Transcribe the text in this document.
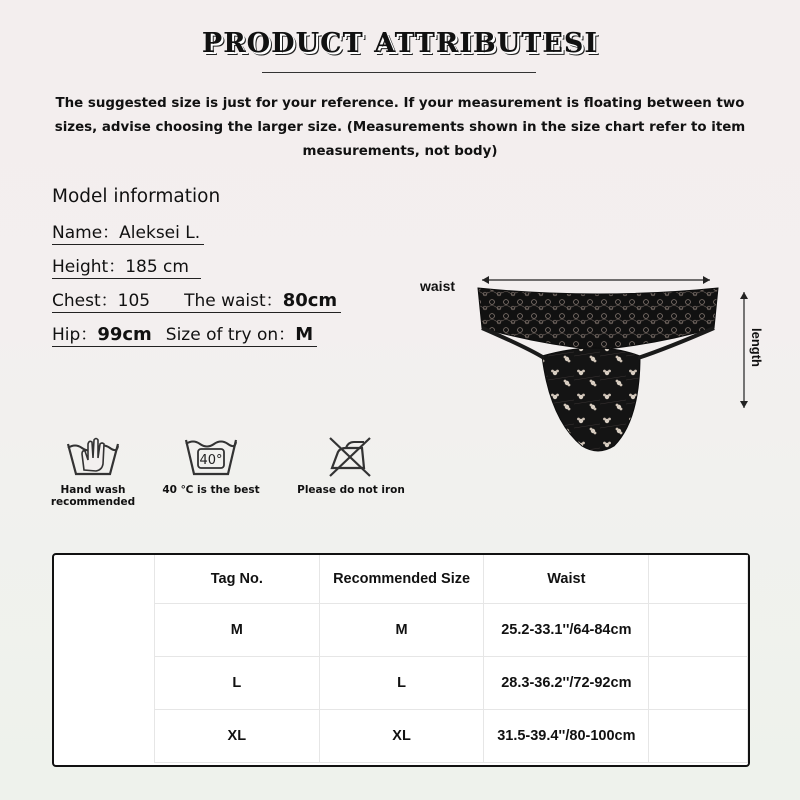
PRODUCT ATTRIBUTESI
The suggested size is just for your reference. If your measurement is floating between two sizes, advise choosing the larger size. (Measurements shown in the size chart refer to item measurements, not body)
Model information
Name：Aleksei L.
Height：185 cm
Chest：105 The waist：80cm
Hip：99cm Size of try on：M
waist
length
Hand wash recommended
40°
40 ℃ is the best	Please do not iron
Tag No.	Recommended Size	Waist	
M	M	25.2-33.1''/64-84cm	
L	L	28.3-36.2''/72-92cm	
XL	XL	31.5-39.4''/80-100cm	
